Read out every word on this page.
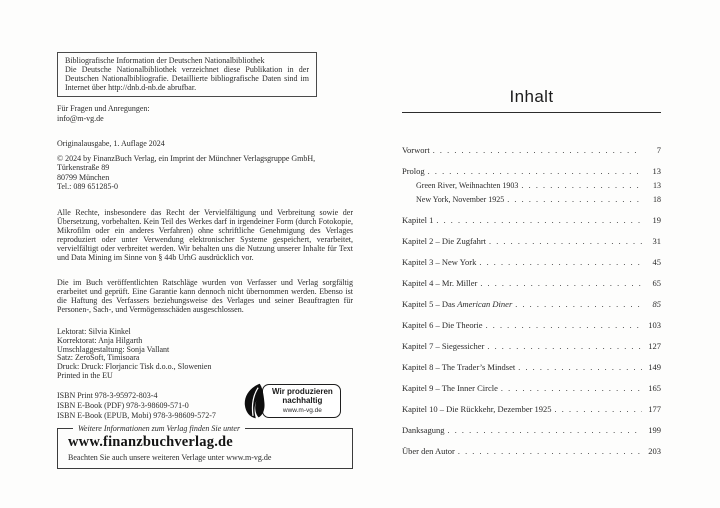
Bibliografische Information der Deutschen Nationalbibliothek
Die Deutsche Nationalbibliothek verzeichnet diese Publikation in der Deutschen Nationalbibliografie. Detaillierte bibliografische Daten sind im Internet über http://dnb.d-nb.de abrufbar.
Für Fragen und Anregungen:
info@m-vg.de
Originalausgabe, 1. Auflage 2024
© 2024 by FinanzBuch Verlag, ein Imprint der Münchner Verlagsgruppe GmbH,
Türkenstraße 89
80799 München
Tel.: 089 651285-0
Alle Rechte, insbesondere das Recht der Vervielfältigung und Verbreitung sowie der Übersetzung, vorbehalten. Kein Teil des Werkes darf in irgendeiner Form (durch Fotokopie, Mikrofilm oder ein anderes Verfahren) ohne schriftliche Genehmigung des Verlages reproduziert oder unter Verwendung elektronischer Systeme gespeichert, verarbeitet, vervielfältigt oder verbreitet werden. Wir behalten uns die Nutzung unserer Inhalte für Text und Data Mining im Sinne von § 44b UrhG ausdrücklich vor.
Die im Buch veröffentlichten Ratschläge wurden von Verfasser und Verlag sorgfältig erarbeitet und geprüft. Eine Garantie kann dennoch nicht übernommen werden. Ebenso ist die Haftung des Verfassers beziehungsweise des Verlages und seiner Beauftragten für Personen-, Sach-, und Vermögensschäden ausgeschlossen.
Lektorat: Silvia Kinkel
Korrektorat: Anja Hilgarth
Umschlaggestaltung: Sonja Vallant
Satz: ZeroSoft, Timisoara
Druck: Druck: Florjancic Tisk d.o.o., Slowenien
Printed in the EU
ISBN Print 978-3-95972-803-4
ISBN E-Book (PDF) 978-3-98609-571-0
ISBN E-Book (EPUB, Mobi) 978-3-98609-572-7
Wir produzieren
nachhaltig
www.m-vg.de
Weitere Informationen zum Verlag finden Sie unter
www.finanzbuchverlag.de
Beachten Sie auch unsere weiteren Verlage unter www.m-vg.de
Inhalt
Vorwort . . .	7
Prolog . . .	13
Green River, Weihnachten 1903 . . .	13
New York, November 1925 . . .	18
Kapitel 1 . . .	19
Kapitel 2 – Die Zugfahrt . . .	31
Kapitel 3 – New York . . .	45
Kapitel 4 – Mr. Miller . . .	65
Kapitel 5 – Das American Diner . . .	85
Kapitel 6 – Die Theorie . . .	103
Kapitel 7 – Siegessicher . . .	127
Kapitel 8 – The Trader’s Mindset . . .	149
Kapitel 9 – The Inner Circle . . .	165
Kapitel 10 – Die Rückkehr, Dezember 1925 . . .	177
Danksagung . . .	199
Über den Autor . . .	203
